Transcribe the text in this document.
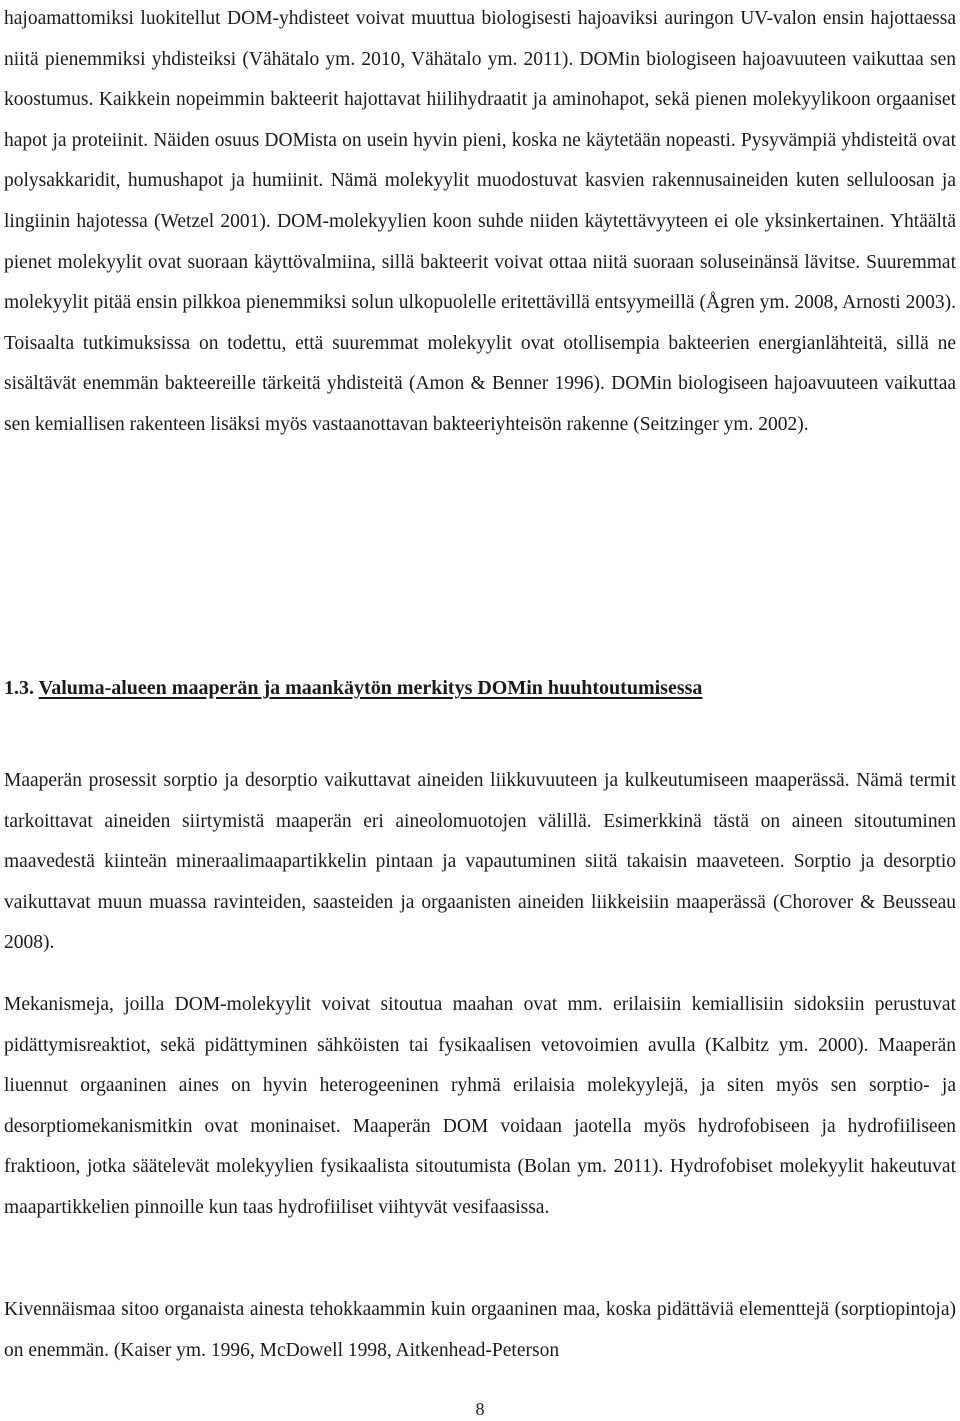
hajoamattomiksi luokitellut DOM-yhdisteet voivat muuttua biologisesti hajoaviksi auringon UV-valon ensin hajottaessa niitä pienemmiksi yhdisteiksi (Vähätalo ym. 2010, Vähätalo ym. 2011). DOMin biologiseen hajoavuuteen vaikuttaa sen koostumus. Kaikkein nopeimmin bakteerit hajottavat hiilihydraatit ja aminohapot, sekä pienen molekyylikoon orgaaniset hapot ja proteiinit. Näiden osuus DOMista on usein hyvin pieni, koska ne käytetään nopeasti. Pysyvämpiä yhdisteitä ovat polysakkaridit, humushapot ja humiinit. Nämä molekyylit muodostuvat kasvien rakennusaineiden kuten selluloosan ja lingiinin hajotessa (Wetzel 2001). DOM-molekyylien koon suhde niiden käytettävyyteen ei ole yksinkertainen. Yhtäältä pienet molekyylit ovat suoraan käyttövalmiina, sillä bakteerit voivat ottaa niitä suoraan soluseinänsä lävitse. Suuremmat molekyylit pitää ensin pilkkoa pienemmiksi solun ulkopuolelle eritettävillä entsyymeillä (Ågren ym. 2008, Arnosti 2003). Toisaalta tutkimuksissa on todettu, että suuremmat molekyylit ovat otollisempia bakteerien energianlähteitä, sillä ne sisältävät enemmän bakteereille tärkeitä yhdisteitä (Amon & Benner 1996). DOMin biologiseen hajoavuuteen vaikuttaa sen kemiallisen rakenteen lisäksi myös vastaanottavan bakteeriyhteisön rakenne (Seitzinger ym. 2002).

1.3. Valuma-alueen maaperän ja maankäytön merkitys DOMin huuhtoutumisessa

Maaperän prosessit sorptio ja desorptio vaikuttavat aineiden liikkuvuuteen ja kulkeutumiseen maaperässä. Nämä termit tarkoittavat aineiden siirtymistä maaperän eri aineolomuotojen välillä. Esimerkkinä tästä on aineen sitoutuminen maavedestä kiinteän mineraalimaapartikkelin pintaan ja vapautuminen siitä takaisin maaveteen. Sorptio ja desorptio vaikuttavat muun muassa ravinteiden, saasteiden ja orgaanisten aineiden liikkeisiin maaperässä (Chorover & Beusseau 2008).

Mekanismeja, joilla DOM-molekyylit voivat sitoutua maahan ovat mm. erilaisiin kemiallisiin sidoksiin perustuvat pidättymisreaktiot, sekä pidättyminen sähköisten tai fysikaalisen vetovoimien avulla (Kalbitz ym. 2000). Maaperän liuennut orgaaninen aines on hyvin heterogeeninen ryhmä erilaisia molekyylejä, ja siten myös sen sorptio- ja desorptiomekanismitkin ovat moninaiset. Maaperän DOM voidaan jaotella myös hydrofobiseen ja hydrofiiliseen fraktioon, jotka säätelevät molekyylien fysikaalista sitoutumista (Bolan ym. 2011). Hydrofobiset molekyylit hakeutuvat maapartikkelien pinnoille kun taas hydrofiiliset viihtyvät vesifaasissa.

Kivennäismaa sitoo organaista ainesta tehokkaammin kuin orgaaninen maa, koska pidättäviä elementtejä (sorptiopintoja) on enemmän. (Kaiser ym. 1996, McDowell 1998, Aitkenhead-Peterson

8
